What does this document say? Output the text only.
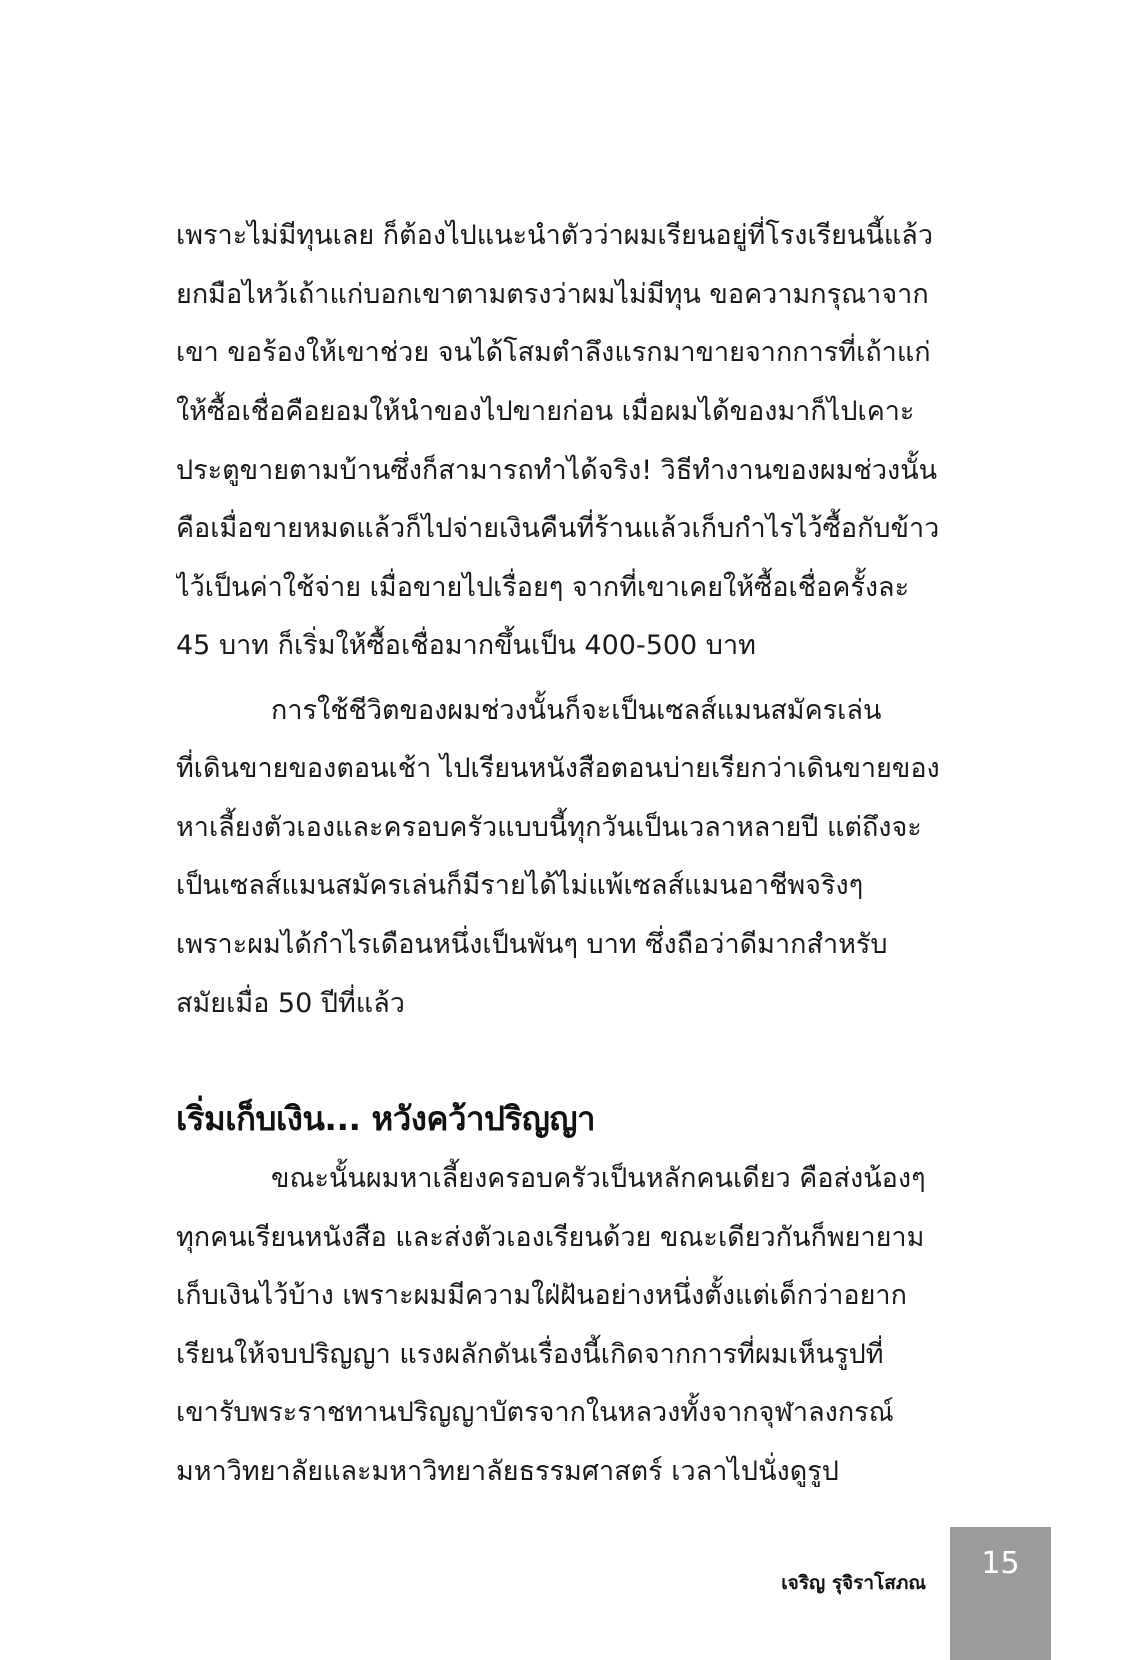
เพราะไม่มีทุนเลย ก็ต้องไปแนะนำตัวว่าผมเรียนอยู่ที่โรงเรียนนี้แล้ว
ยกมือไหว้เถ้าแก่บอกเขาตามตรงว่าผมไม่มีทุน ขอความกรุณาจาก
เขา ขอร้องให้เขาช่วย จนได้โสมตำลึงแรกมาขายจากการที่เถ้าแก่
ให้ซื้อเชื่อคือยอมให้นำของไปขายก่อน เมื่อผมได้ของมาก็ไปเคาะ
ประตูขายตามบ้านซึ่งก็สามารถทำได้จริง! วิธีทำงานของผมช่วงนั้น
คือเมื่อขายหมดแล้วก็ไปจ่ายเงินคืนที่ร้านแล้วเก็บกำไรไว้ซื้อกับข้าว
ไว้เป็นค่าใช้จ่าย เมื่อขายไปเรื่อยๆ จากที่เขาเคยให้ซื้อเชื่อครั้งละ
45 บาท ก็เริ่มให้ซื้อเชื่อมากขึ้นเป็น 400-500 บาท
การใช้ชีวิตของผมช่วงนั้นก็จะเป็นเซลส์แมนสมัครเล่น
ที่เดินขายของตอนเช้า ไปเรียนหนังสือตอนบ่ายเรียกว่าเดินขายของ
หาเลี้ยงตัวเองและครอบครัวแบบนี้ทุกวันเป็นเวลาหลายปี แต่ถึงจะ
เป็นเซลส์แมนสมัครเล่นก็มีรายได้ไม่แพ้เซลส์แมนอาชีพจริงๆ
เพราะผมได้กำไรเดือนหนึ่งเป็นพันๆ บาท ซึ่งถือว่าดีมากสำหรับ
สมัยเมื่อ 50 ปีที่แล้ว
เริ่มเก็บเงิน... หวังคว้าปริญญา
ขณะนั้นผมหาเลี้ยงครอบครัวเป็นหลักคนเดียว คือส่งน้องๆ
ทุกคนเรียนหนังสือ และส่งตัวเองเรียนด้วย ขณะเดียวกันก็พยายาม
เก็บเงินไว้บ้าง เพราะผมมีความใฝ่ฝันอย่างหนึ่งตั้งแต่เด็กว่าอยาก
เรียนให้จบปริญญา แรงผลักดันเรื่องนี้เกิดจากการที่ผมเห็นรูปที่
เขารับพระราชทานปริญญาบัตรจากในหลวงทั้งจากจุฬาลงกรณ์
มหาวิทยาลัยและมหาวิทยาลัยธรรมศาสตร์ เวลาไปนั่งดูรูป
เจริญ รุจิราโสภณ
15
